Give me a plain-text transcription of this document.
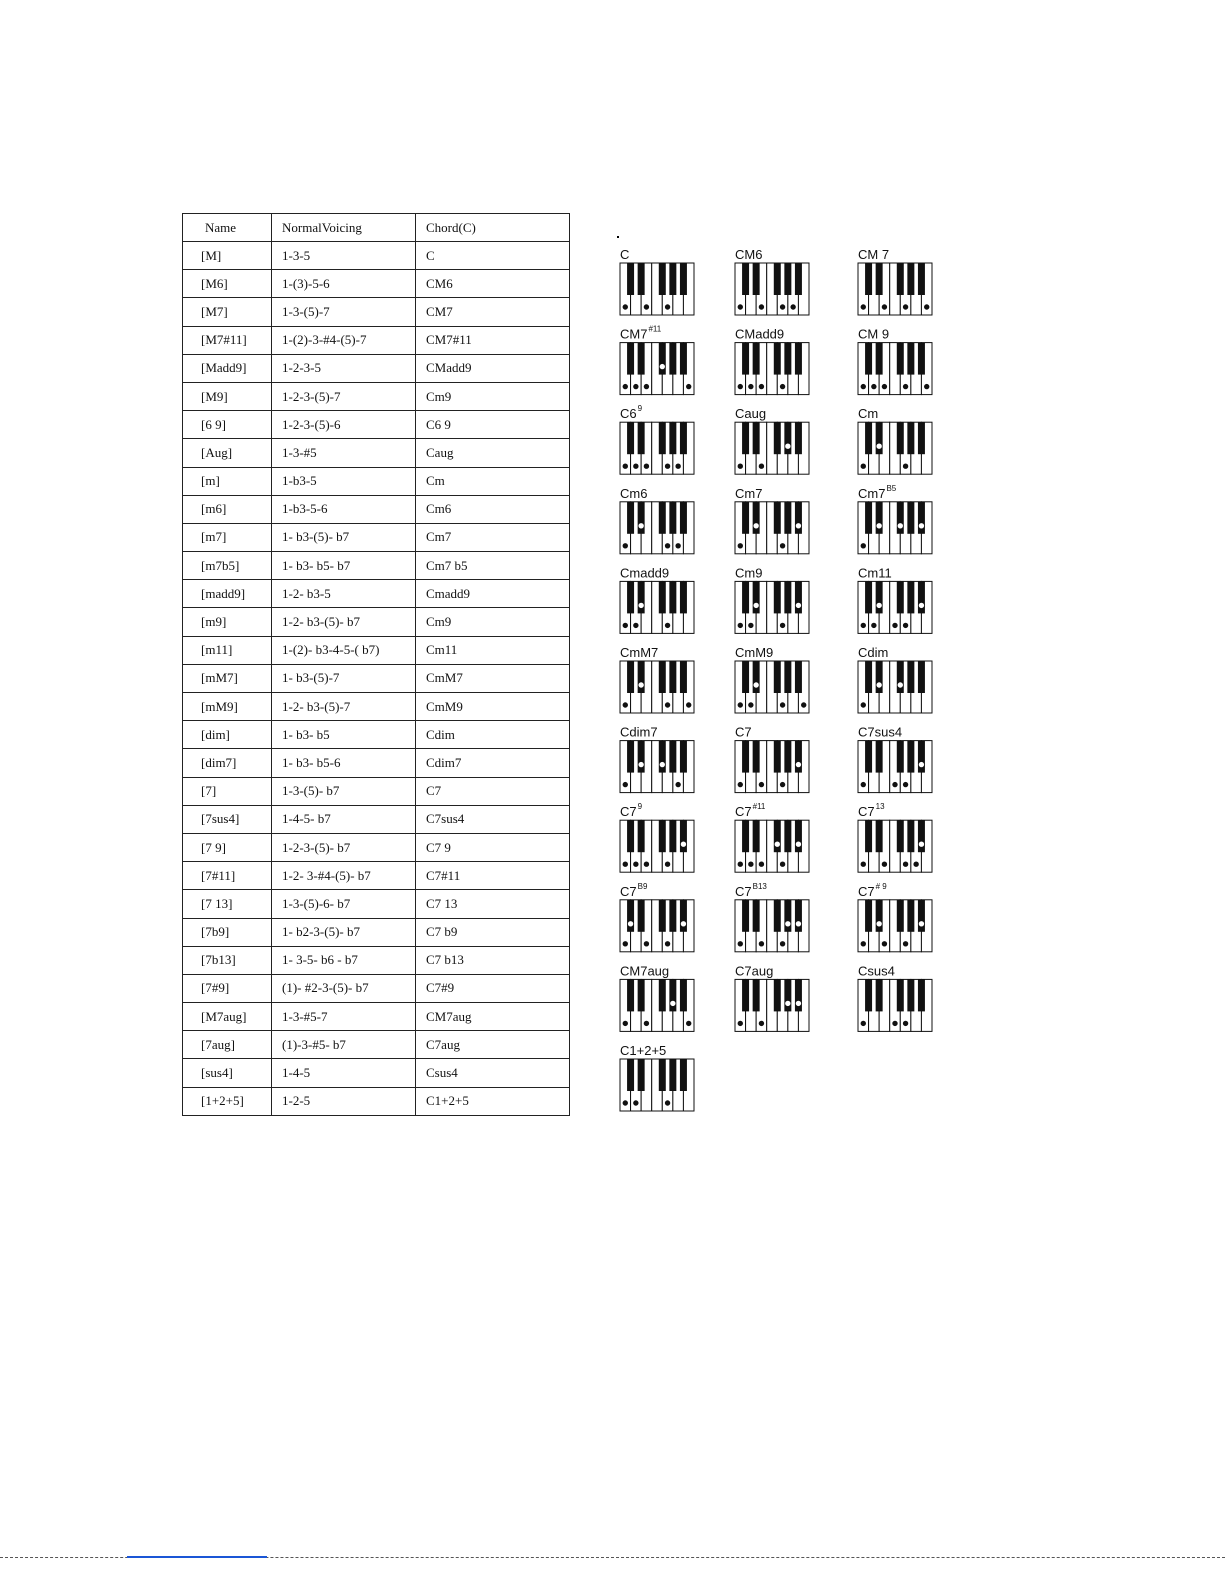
Name	NormalVoicing	Chord(C)
[M]	1-3-5	C
[M6]	1-(3)-5-6	CM6
[M7]	1-3-(5)-7	CM7
[M7#11]	1-(2)-3-#4-(5)-7	CM7#11
[Madd9]	1-2-3-5	CMadd9
[M9]	1-2-3-(5)-7	Cm9
[6 9]	1-2-3-(5)-6	C6 9
[Aug]	1-3-#5	Caug
[m]	1-b3-5	Cm
[m6]	1-b3-5-6	Cm6
[m7]	1- b3-(5)- b7	Cm7
[m7b5]	1- b3- b5- b7	Cm7 b5
[madd9]	1-2- b3-5	Cmadd9
[m9]	1-2- b3-(5)- b7	Cm9
[m11]	1-(2)- b3-4-5-( b7)	Cm11
[mM7]	1- b3-(5)-7	CmM7
[mM9]	1-2- b3-(5)-7	CmM9
[dim]	1- b3- b5	Cdim
[dim7]	1- b3- b5-6	Cdim7
[7]	1-3-(5)- b7	C7
[7sus4]	1-4-5- b7	C7sus4
[7 9]	1-2-3-(5)- b7	C7 9
[7#11]	1-2- 3-#4-(5)- b7	C7#11
[7 13]	1-3-(5)-6- b7	C7 13
[7b9]	1- b2-3-(5)- b7	C7 b9
[7b13]	1- 3-5- b6 - b7	C7 b13
[7#9]	(1)- #2-3-(5)- b7	C7#9
[M7aug]	1-3-#5-7	CM7aug
[7aug]	(1)-3-#5- b7	C7aug
[sus4]	1-4-5	Csus4
[1+2+5]	1-2-5	C1+2+5
C	CM6	CM 7
CM7 #11	CMadd9	CM 9
C6 9	Caug	Cm
Cm6	Cm7	Cm7 B5
Cmadd9	Cm9	Cm11
CmM7	CmM9	Cdim
Cdim7	C7	C7sus4
C7 9	C7 #11	C7 13
C7 B9	C7 B13	C7 # 9
CM7aug	C7aug	Csus4
C1+2+5
